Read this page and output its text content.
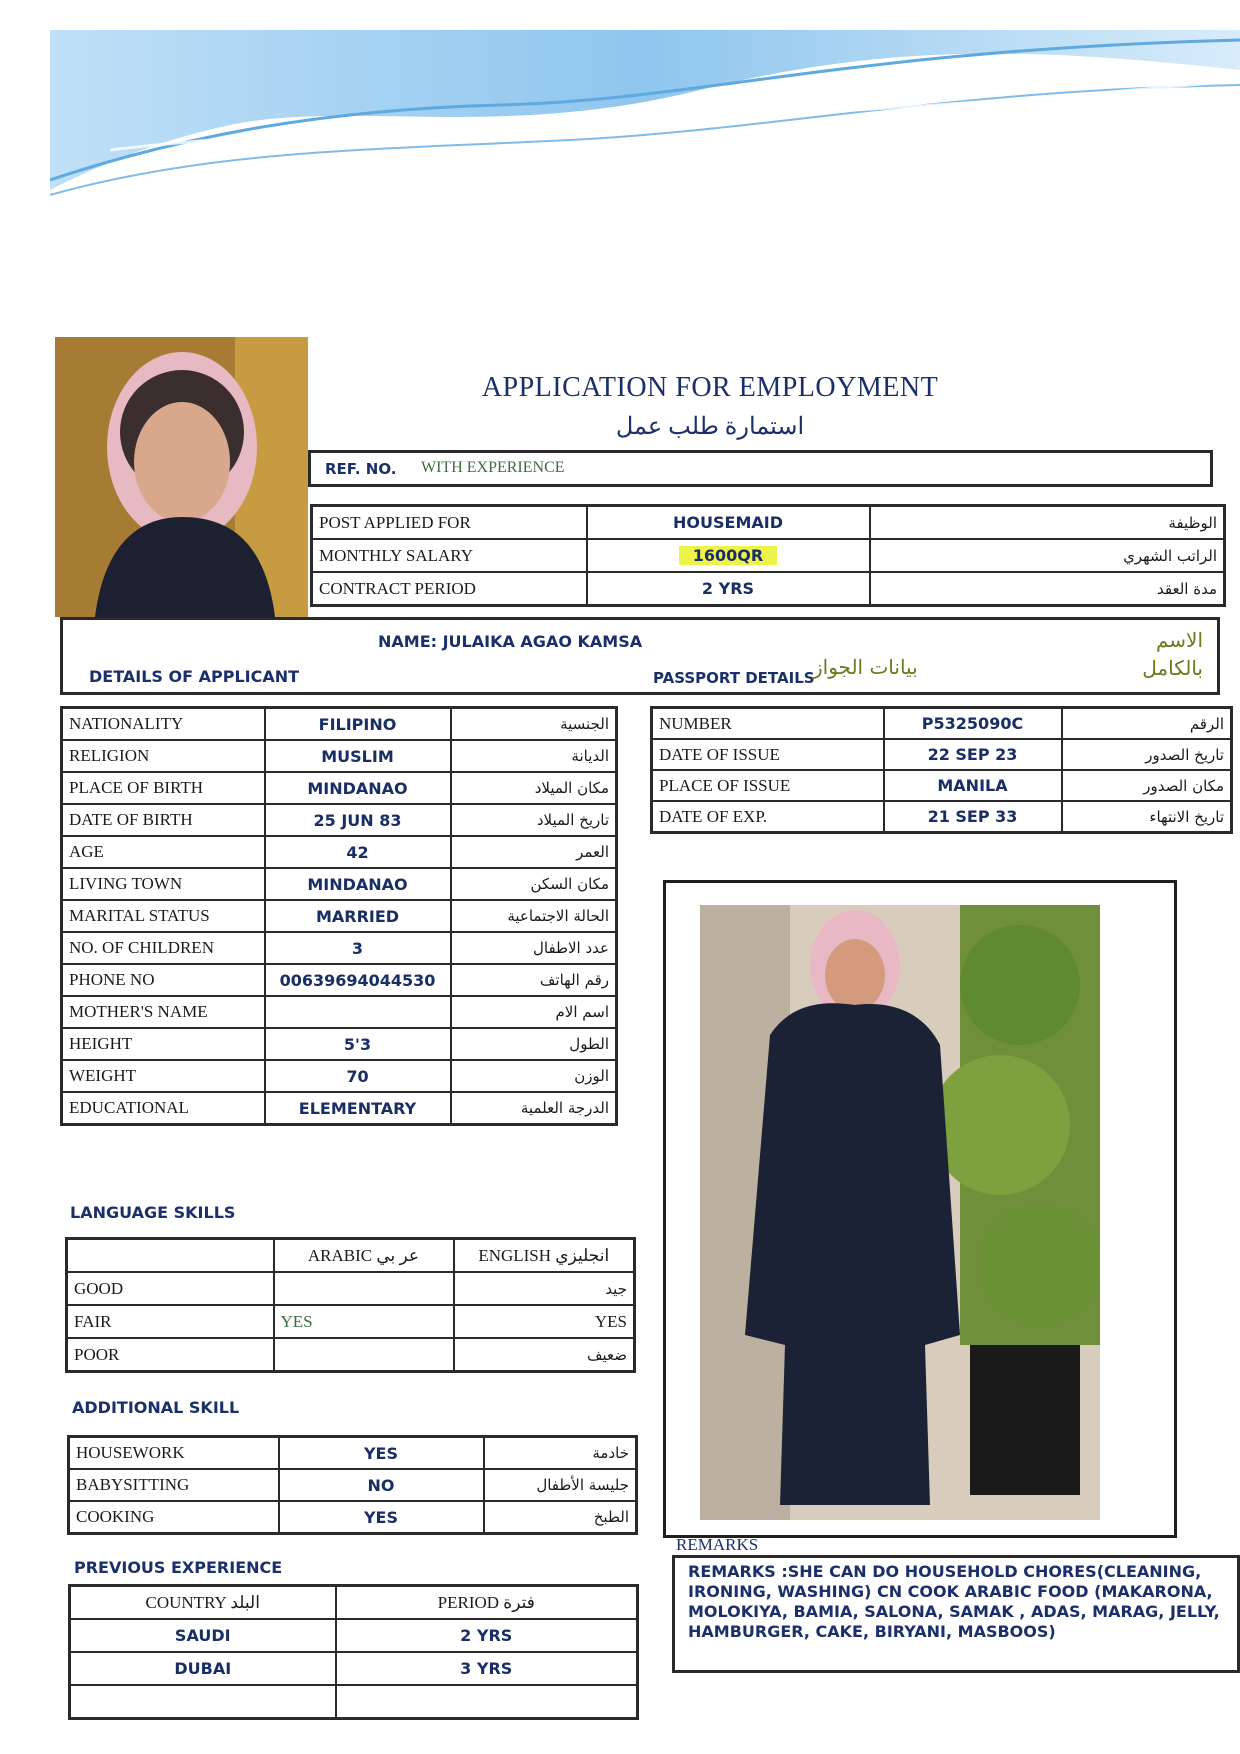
APPLICATION FOR EMPLOYMENT
استمارة طلب عمل
REF. NO. WITH EXPERIENCE
POST APPLIED FOR	HOUSEMAID	الوظيفة
MONTHLY SALARY	1600QR	الراتب الشهري
CONTRACT PERIOD	2 YRS	مدة العقد
NAME: JULAIKA AGAO KAMSA	الاسم
بالكامل
DETAILS OF APPLICANT	PASSPORT DETAILS
بيانات الجواز
NATIONALITY	FILIPINO	الجنسية
RELIGION	MUSLIM	الديانة
PLACE OF BIRTH	MINDANAO	مكان الميلاد
DATE OF BIRTH	25 JUN 83	تاريخ الميلاد
AGE	42	العمر
LIVING TOWN	MINDANAO	مكان السكن
MARITAL STATUS	MARRIED	الحالة الاجتماعية
NO. OF CHILDREN	3	عدد الاطفال
PHONE NO	00639694044530	رقم الهاتف
MOTHER'S NAME		اسم الام
HEIGHT	5'3	الطول
WEIGHT	70	الوزن
EDUCATIONAL	ELEMENTARY	الدرجة العلمية
NUMBER	P5325090C	الرقم
DATE OF ISSUE	22 SEP 23	تاريخ الصدور
PLACE OF ISSUE	MANILA	مكان الصدور
DATE OF EXP.	21 SEP 33	تاريخ الانتهاء
LANGUAGE SKILLS
	ARABIC عر بي	ENGLISH انجليزي
GOOD		جيد
FAIR	YES	YES
POOR		ضعيف
ADDITIONAL SKILL
HOUSEWORK	YES	خادمة
BABYSITTING	NO	جليسة الأطفال
COOKING	YES	الطبخ
PREVIOUS EXPERIENCE
COUNTRY البلد	PERIOD فترة
SAUDI	2 YRS
DUBAI	3 YRS

REMARKS
REMARKS :SHE CAN DO HOUSEHOLD CHORES(CLEANING, IRONING, WASHING) CN COOK ARABIC FOOD (MAKARONA, MOLOKIYA, BAMIA, SALONA, SAMAK , ADAS, MARAG, JELLY, HAMBURGER, CAKE, BIRYANI, MASBOOS)
